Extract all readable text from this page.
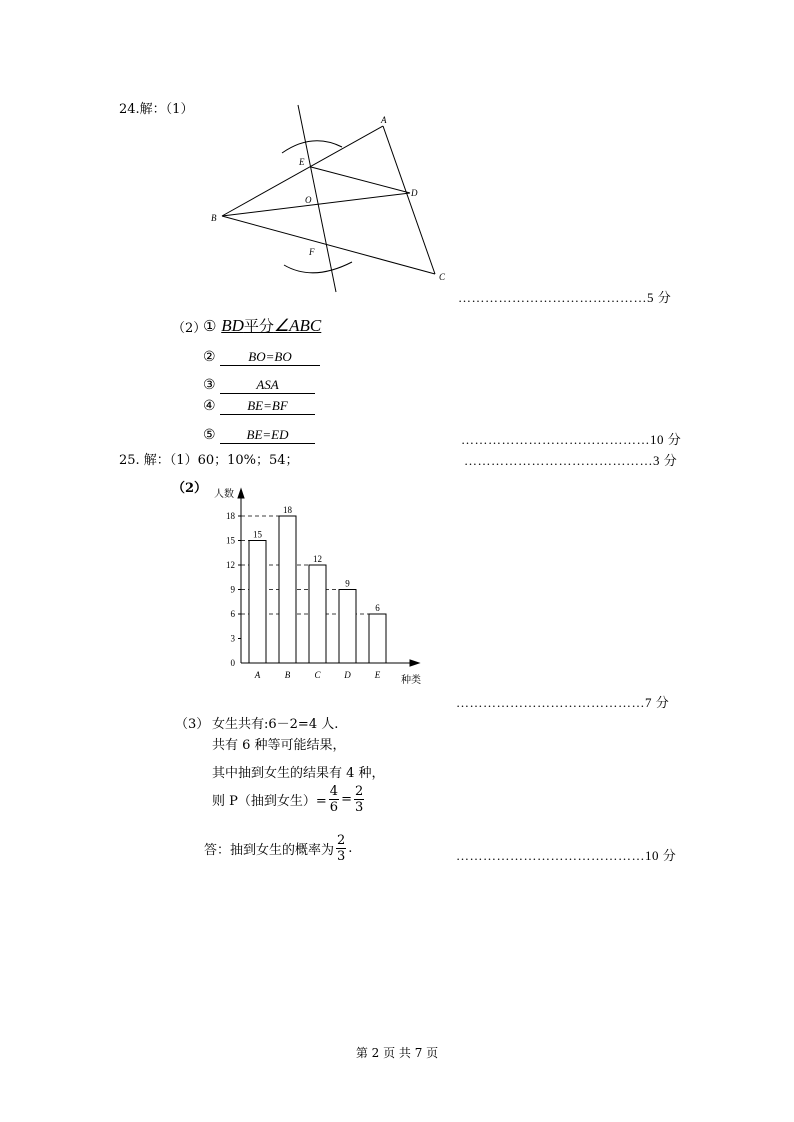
24.解：（1）
A
B
C
D
E
F
O
……………………………………5 分
（2）
① BD平分∠ABC
②	BO=BO
③	ASA
④ BE=BF
⑤ BE=ED	……………………………………10 分
25. 解：（1）60；10%；54；	……………………………………3 分
（2）
0
3
6
9
12
15
18
A	B	C	D	E
15
18
12
9
6
人数
种类
……………………………………7 分
（3） 女生共有:6－2=4 人.
共有 6 种等可能结果，
其中抽到女生的结果有 4 种，
则 P（抽到女生）= $\frac{4}{6} = \frac{2}{3}$
答：抽到女生的概率为 $\frac{2}{3}$ .	……………………………………10 分
第 2 页 共 7 页
